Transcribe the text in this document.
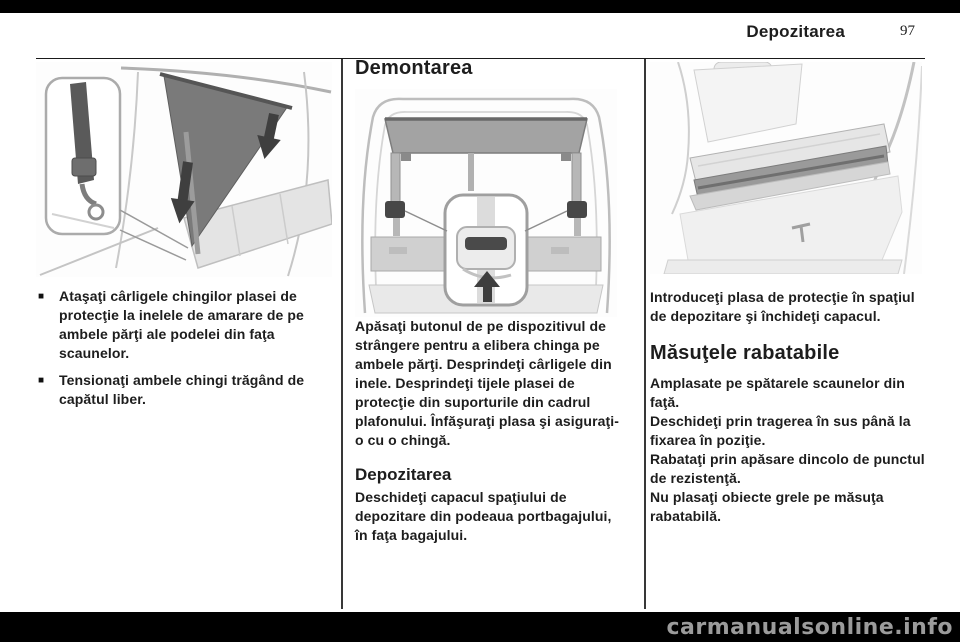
Depozitarea	97
■	Ataşaţi cârligele chingilor plasei de protecţie la inelele de amarare de pe ambele părţi ale podelei din faţa scaunelor.

■	Tensionaţi ambele chingi trăgând de capătul liber.

Demontarea

Apăsaţi butonul de pe dispozitivul de strângere pentru a elibera chinga pe ambele părţi. Desprindeţi cârligele din inele. Desprindeţi tijele plasei de protecţie din suporturile din cadrul plafonului. Înfăşuraţi plasa şi asiguraţi-o cu o chingă.

Depozitarea

Deschideţi capacul spaţiului de depozitare din podeaua portbagajului, în faţa bagajului.

Introduceţi plasa de protecţie în spaţiul de depozitare şi închideţi capacul.

Măsuţele rabatabile

Amplasate pe spătarele scaunelor din faţă.

Deschideţi prin tragerea în sus până la fixarea în poziţie.

Rabataţi prin apăsare dincolo de punctul de rezistenţă.

Nu plasaţi obiecte grele pe măsuţa rabatabilă.

carmanualsonline.info
